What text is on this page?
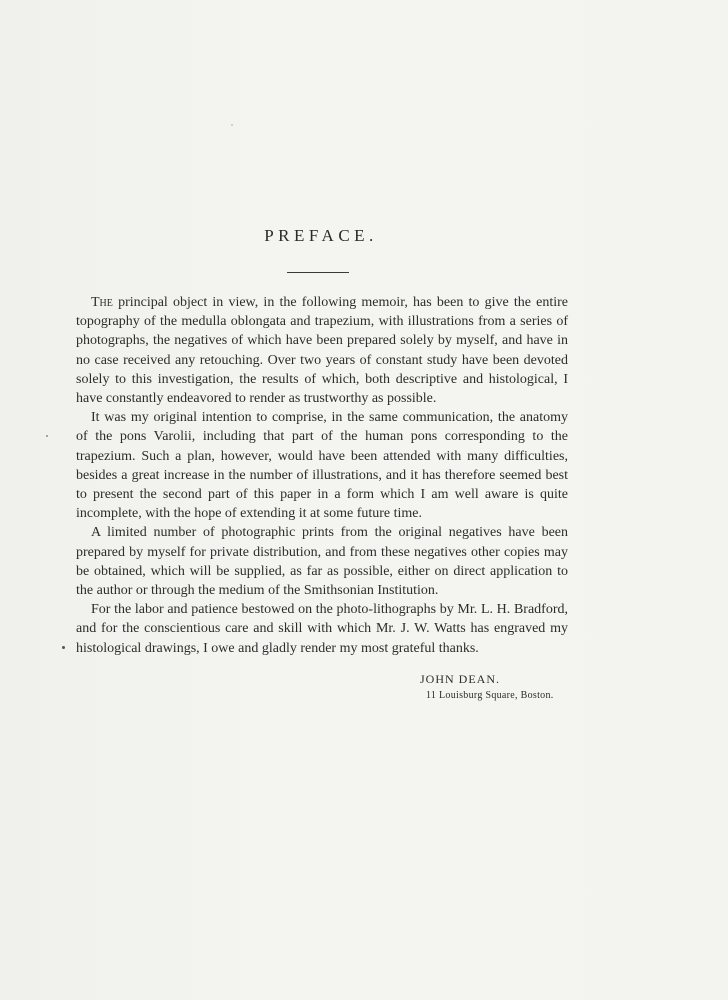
PREFACE.

The principal object in view, in the following memoir, has been to give the entire topography of the medulla oblongata and trapezium, with illustrations from a series of photographs, the negatives of which have been prepared solely by myself, and have in no case received any retouching. Over two years of constant study have been devoted solely to this investigation, the results of which, both descriptive and histological, I have constantly endeavored to render as trustworthy as possible.

It was my original intention to comprise, in the same communication, the anatomy of the pons Varolii, including that part of the human pons corresponding to the trapezium. Such a plan, however, would have been attended with many difficulties, besides a great increase in the number of illustrations, and it has therefore seemed best to present the second part of this paper in a form which I am well aware is quite incomplete, with the hope of extending it at some future time.

A limited number of photographic prints from the original negatives have been prepared by myself for private distribution, and from these negatives other copies may be obtained, which will be supplied, as far as possible, either on direct application to the author or through the medium of the Smithsonian Institution.

For the labor and patience bestowed on the photo-lithographs by Mr. L. H. Bradford, and for the conscientious care and skill with which Mr. J. W. Watts has engraved my histological drawings, I owe and gladly render my most grateful thanks.

JOHN DEAN.
11 Louisburg Square, Boston.
